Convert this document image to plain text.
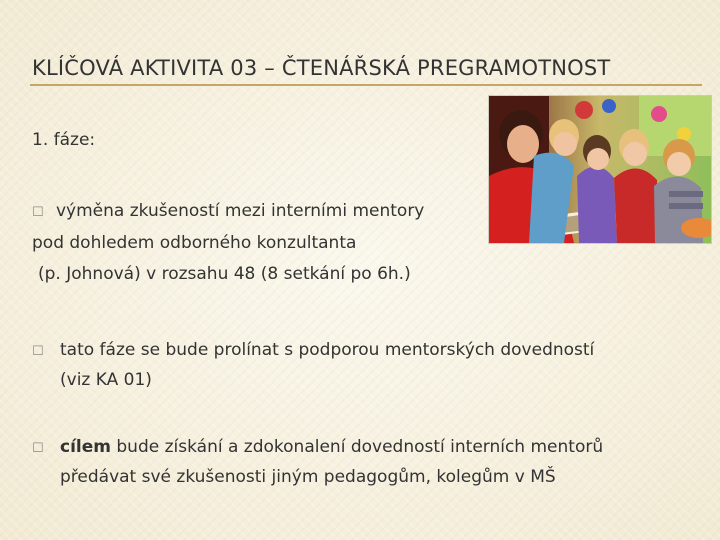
KLÍČOVÁ AKTIVITA 03 – ČTENÁŘSKÁ PREGRAMOTNOST
1. fáze:
☐ výměna zkušeností mezi interními mentory
pod dohledem odborného konzultanta
(p. Johnová) v rozsahu 48 (8 setkání po 6h.)
☐ tato fáze se bude prolínat s podporou mentorských dovedností
(viz KA 01)
☐ cílem bude získání a zdokonalení dovedností interních mentorů
předávat své zkušenosti jiným pedagogům, kolegům v MŠ
